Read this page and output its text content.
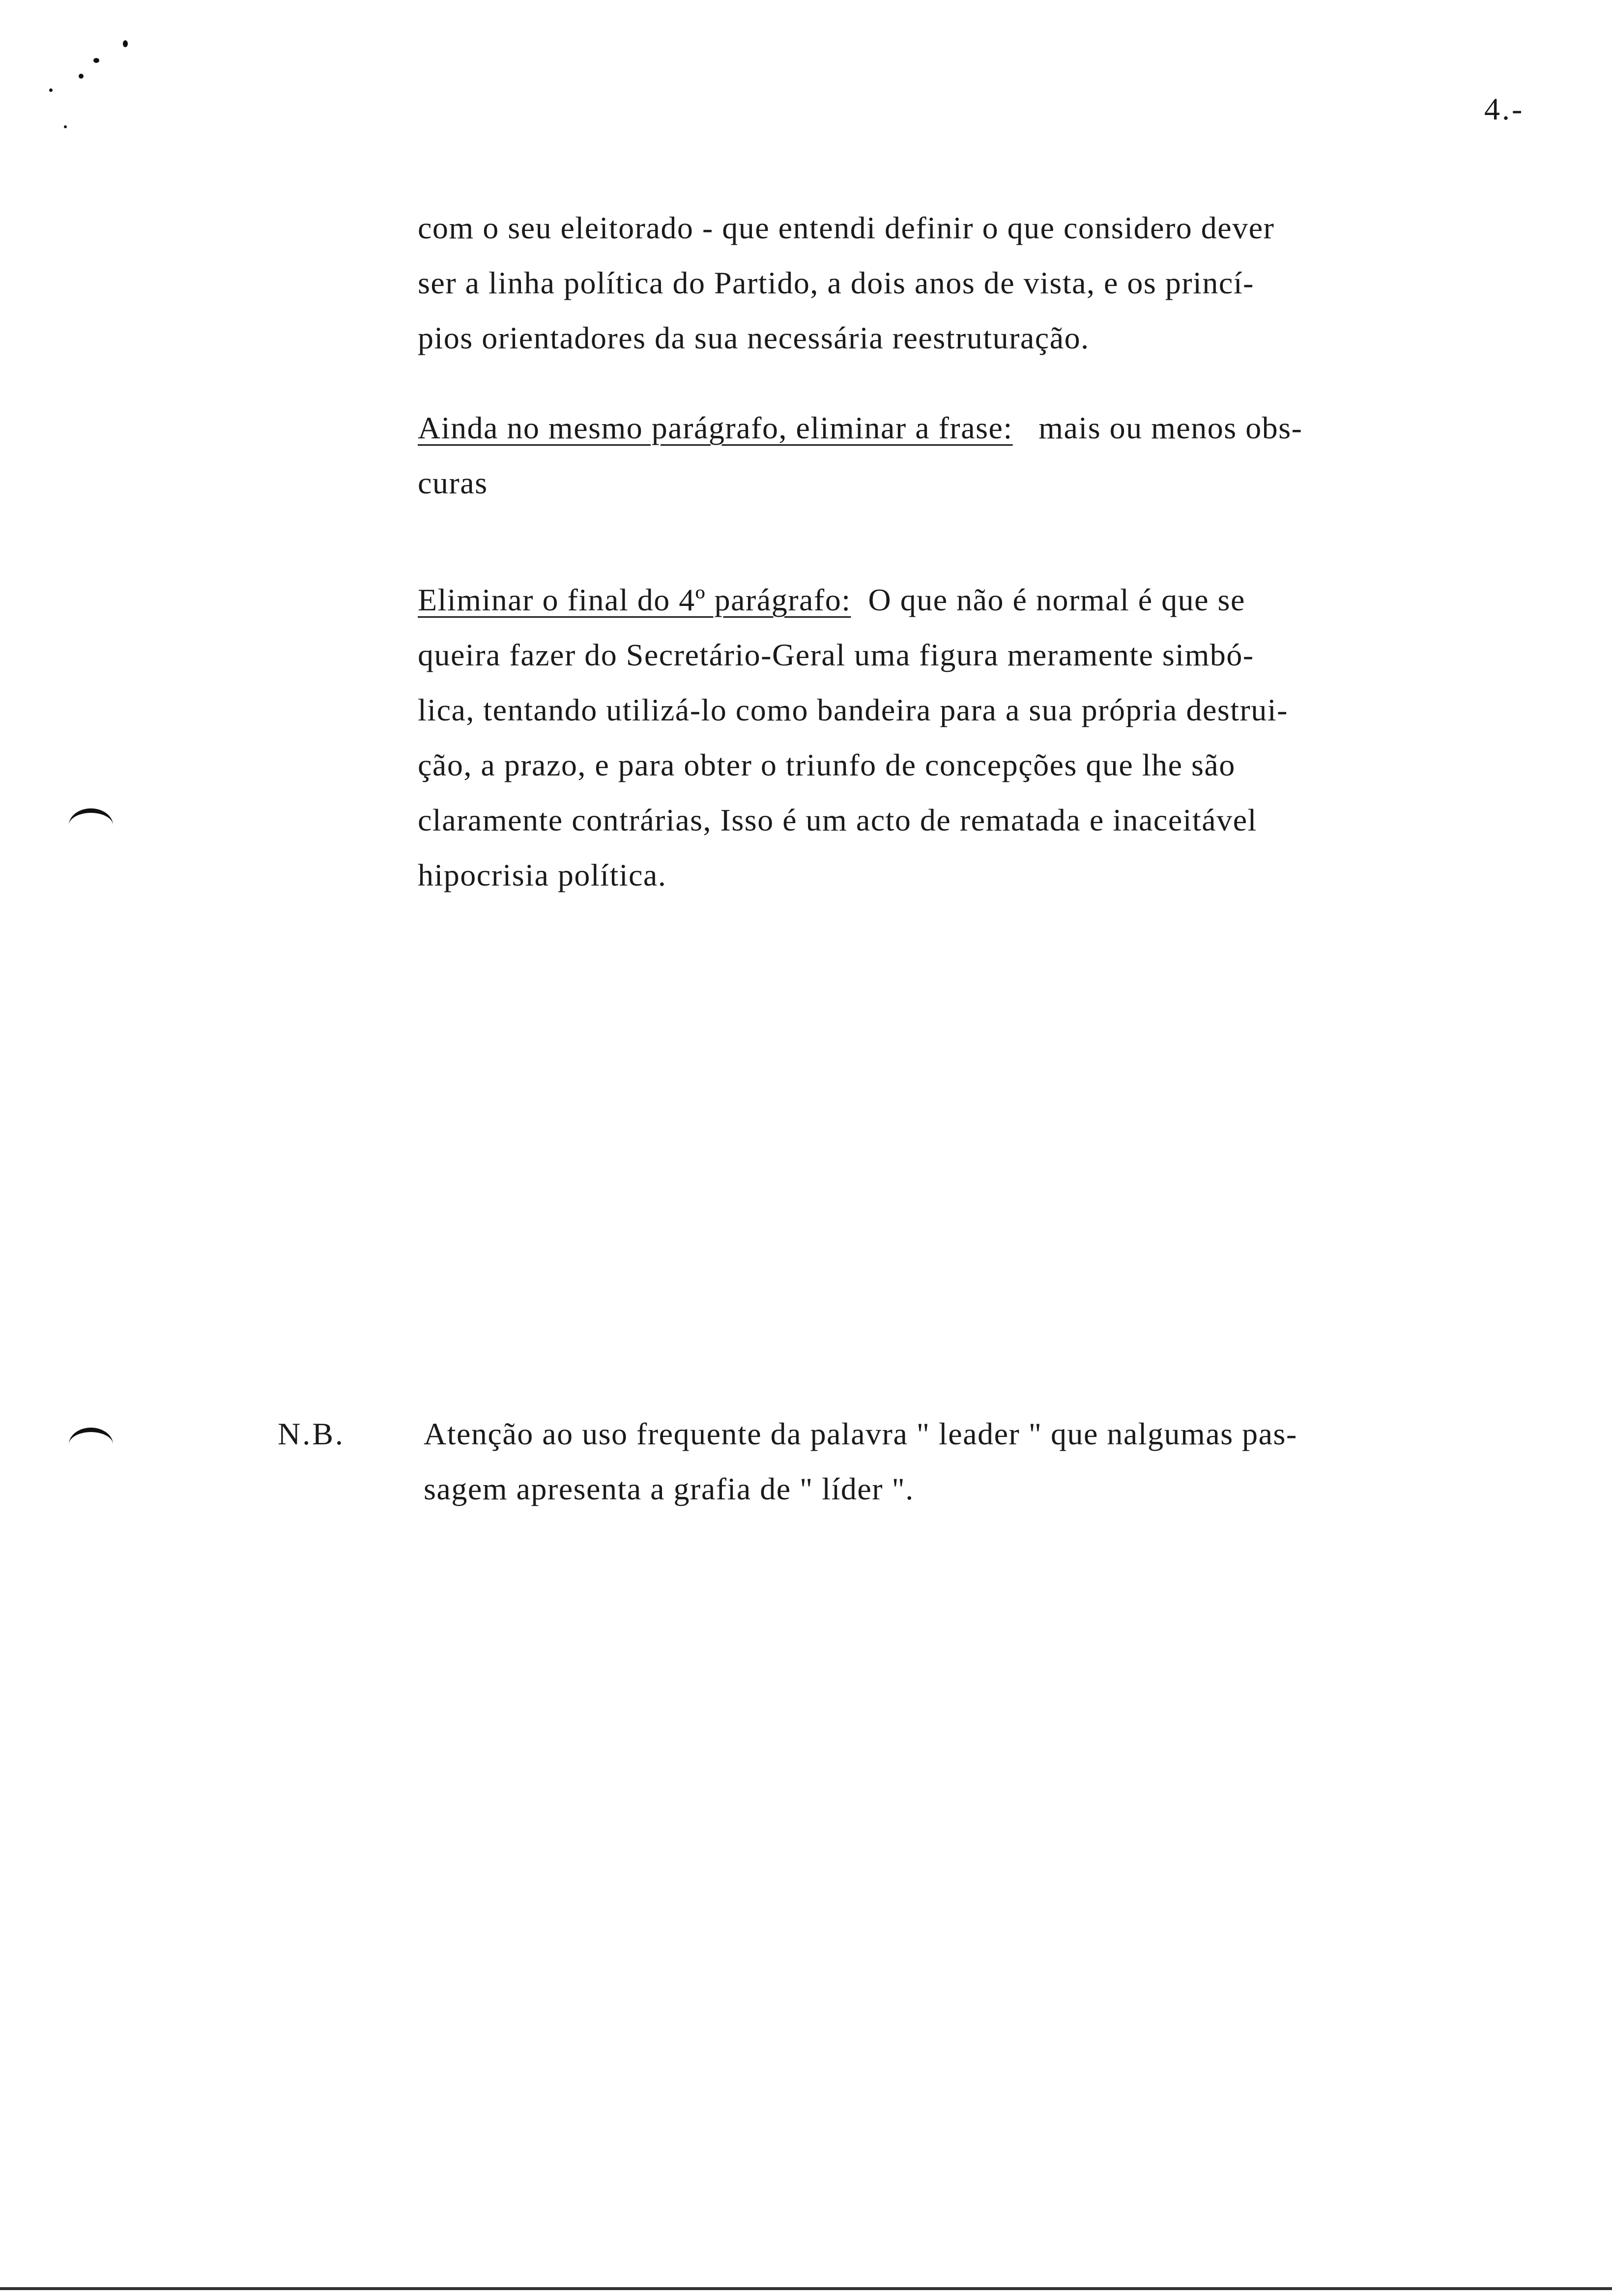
4.-
com o seu eleitorado - que entendi definir o que considero dever
ser a linha política do Partido, a dois anos de vista, e os princí-
pios orientadores da sua necessária reestruturação.
Ainda no mesmo parágrafo, eliminar a frase: mais ou menos obs-
curas
Eliminar o final do 4º parágrafo: O que não é normal é que se
queira fazer do Secretário-Geral uma figura meramente simbó-
lica, tentando utilizá-lo como bandeira para a sua própria destrui-
ção, a prazo, e para obter o triunfo de concepções que lhe são
claramente contrárias, Isso é um acto de rematada e inaceitável
hipocrisia política.
N.B.	Atenção ao uso frequente da palavra " leader " que nalgumas pas-
sagem apresenta a grafia de " líder ".
